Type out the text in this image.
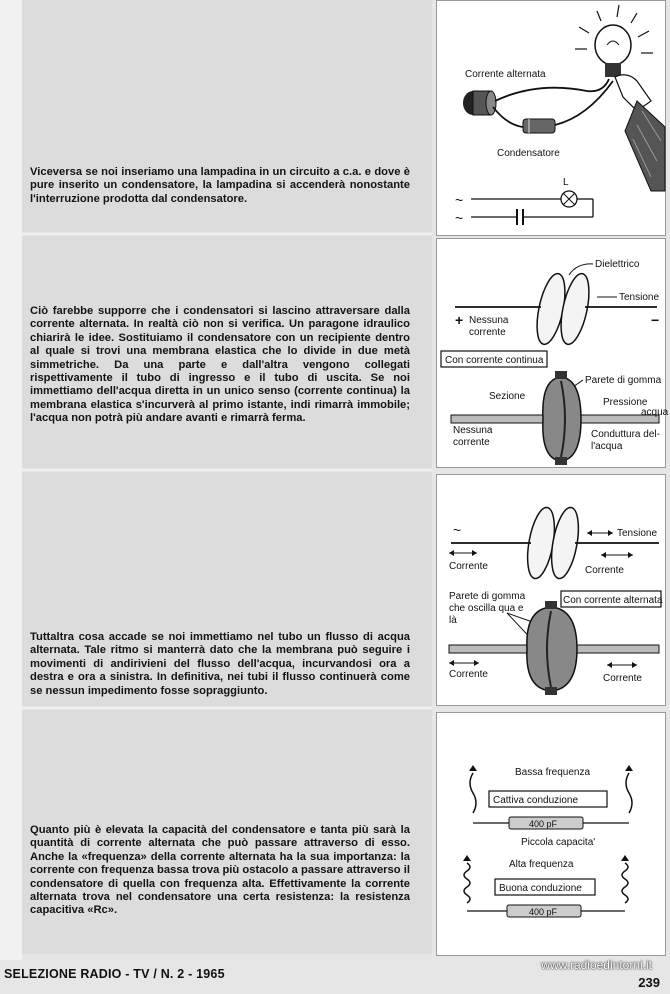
Viceversa se noi inseriamo una lampadina in un circuito a c.a. e dove è pure inserito un condensatore, la lampadina si accenderà nonostante l'interruzione prodotta dal condensatore.

Ciò farebbe supporre che i condensatori si lascino attraversare dalla corrente alternata. In realtà ciò non si verifica. Un paragone idraulico chiarirà le idee. Sostituiamo il condensatore con un recipiente dentro al quale si trovi una membrana elastica che lo divide in due metà simmetriche. Da una parte e dall'altra vengono collegati rispettivamente il tubo di ingresso e il tubo di uscita. Se noi immettiamo dell'acqua diretta in un unico senso (corrente continua) la membrana elastica s'incurverà al primo istante, indi rimarrà immobile; l'acqua non potrà più andare avanti e rimarrà ferma.

Tuttaltra cosa accade se noi immettiamo nel tubo un flusso di acqua alternata. Tale ritmo si manterrà dato che la membrana può seguire i movimenti di andirivieni del flusso dell'acqua, incurvandosi ora a destra e ora a sinistra. In definitiva, nei tubi il flusso continuerà come se nessun impedimento fosse sopraggiunto.

Quanto più è elevata la capacità del condensatore e tanta più sarà la quantità di corrente alternata che può passare attraverso di esso. Anche la «frequenza» della corrente alternata ha la sua importanza: la corrente con frequenza bassa trova più ostacolo a passare attraverso il condensatore di quella con frequenza alta. Effettivamente la corrente alternata trova nel condensatore una certa resistenza: la resistenza capacitiva «Rc».

Corrente alternata
Condensatore
~
~
L
Dielettrico
+	−
Nessuna
corrente
Tensione
Con corrente continua
Parete di gomma
Sezione
Pressione
acqua
Nessuna
corrente
Conduttura del-
l'acqua
~	Tensione
Corrente	Corrente
Parete di gomma
che oscilla qua e
là
Con corrente alternata
Corrente	Corrente
Bassa frequenza
Cattiva conduzione
400 pF
Piccola capacita'
Alta frequenza
Buona conduzione
400 pF
SELEZIONE RADIO - TV / N. 2 - 1965
www.radioedintorni.it
239
